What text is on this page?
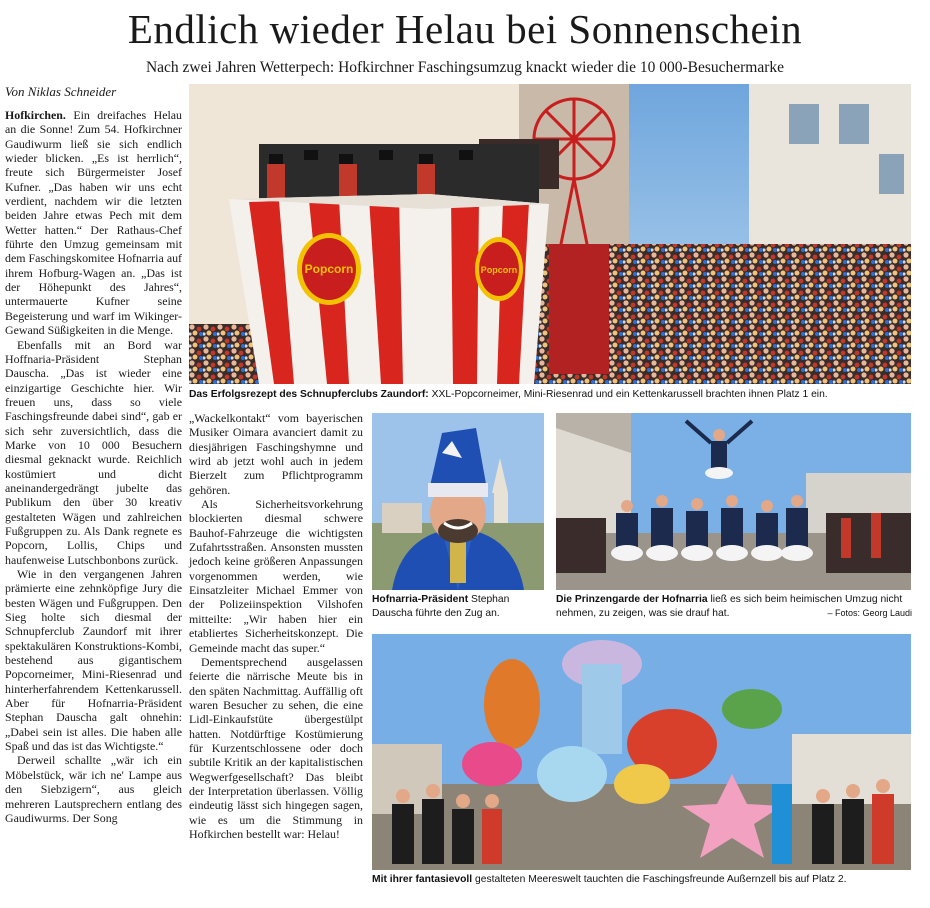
Endlich wieder Helau bei Sonnenschein
Nach zwei Jahren Wetterpech: Hofkirchner Faschingsumzug knackt wieder die 10 000-Besuchermarke
Von Niklas Schneider

Hofkirchen. Ein dreifaches Helau an die Sonne! Zum 54. Hofkirchner Gaudiwurm ließ sie sich endlich wieder blicken. „Es ist herrlich“, freute sich Bürgermeister Josef Kufner. „Das haben wir uns echt verdient, nachdem wir die letzten beiden Jahre etwas Pech mit dem Wetter hatten.“ Der Rathaus-Chef führte den Umzug gemeinsam mit dem Faschingskomitee Hofnarria auf ihrem Hofburg-Wagen an. „Das ist der Höhepunkt des Jahres“, untermauerte Kufner seine Begeisterung und warf im Wikinger-Gewand Süßigkeiten in die Menge.

Ebenfalls mit an Bord war Hoffnaria-Präsident Stephan Dauscha. „Das ist wieder eine einzigartige Geschichte hier. Wir freuen uns, dass so viele Faschingsfreunde dabei sind“, gab er sich sehr zuversichtlich, dass die Marke von 10 000 Besuchern diesmal geknackt wurde. Reichlich kostümiert und dicht aneinandergedrängt jubelte das Publikum den über 30 kreativ gestalteten Wägen und zahlreichen Fußgruppen zu. Als Dank regnete es Popcorn, Lollis, Chips und haufenweise Lutschbonbons zurück.

Wie in den vergangenen Jahren prämierte eine zehnköpfige Jury die besten Wägen und Fußgruppen. Den Sieg holte sich diesmal der Schnupferclub Zaundorf mit ihrer spektakulären Konstruktions-Kombi, bestehend aus gigantischem Popcorneimer, Mini-Riesenrad und hinterherfahrendem Kettenkarussell. Aber für Hofnarria-Präsident Stephan Dauscha galt ohnehin: „Dabei sein ist alles. Die haben alle Spaß und das ist das Wichtigste.“

Derweil schallte „wär ich ein Möbelstück, wär ich ne' Lampe aus den Siebzigern“, aus gleich mehreren Lautsprechern entlang des Gaudiwurms. Der Song

„Wackelkontakt“ vom bayerischen Musiker Oimara avanciert damit zu diesjährigen Faschingshymne und wird ab jetzt wohl auch in jedem Bierzelt zum Pflichtprogramm gehören.

Als Sicherheitsvorkehrung blockierten diesmal schwere Bauhof-Fahrzeuge die wichtigsten Zufahrtsstraßen. Ansonsten mussten jedoch keine größeren Anpassungen vorgenommen werden, wie Einsatzleiter Michael Emmer von der Polizeiinspektion Vilshofen mitteilte: „Wir haben hier ein etabliertes Sicherheitskonzept. Die Gemeinde macht das super.“

Dementsprechend ausgelassen feierte die närrische Meute bis in den späten Nachmittag. Auffällig oft waren Besucher zu sehen, die eine Lidl-Einkaufstüte übergestülpt hatten. Notdürftige Kostümierung für Kurzentschlossene oder doch subtile Kritik an der kapitalistischen Wegwerfgesellschaft? Das bleibt der Interpretation überlassen. Völlig eindeutig lässt sich hingegen sagen, wie es um die Stimmung in Hofkirchen bestellt war: Helau!

Popcorn	Popcorn
Das Erfolgsrezept des Schnupferclubs Zaundorf: XXL-Popcorneimer, Mini-Riesenrad und ein Kettenkarussell brachten ihnen Platz 1 ein.
Hofnarria-Präsident Stephan Dauscha führte den Zug an.
Die Prinzengarde der Hofnarria ließ es sich beim heimischen Umzug nicht nehmen, zu zeigen, was sie drauf hat.	– Fotos: Georg Laudi
Mit ihrer fantasievoll gestalteten Meereswelt tauchten die Faschingsfreunde Außernzell bis auf Platz 2.
